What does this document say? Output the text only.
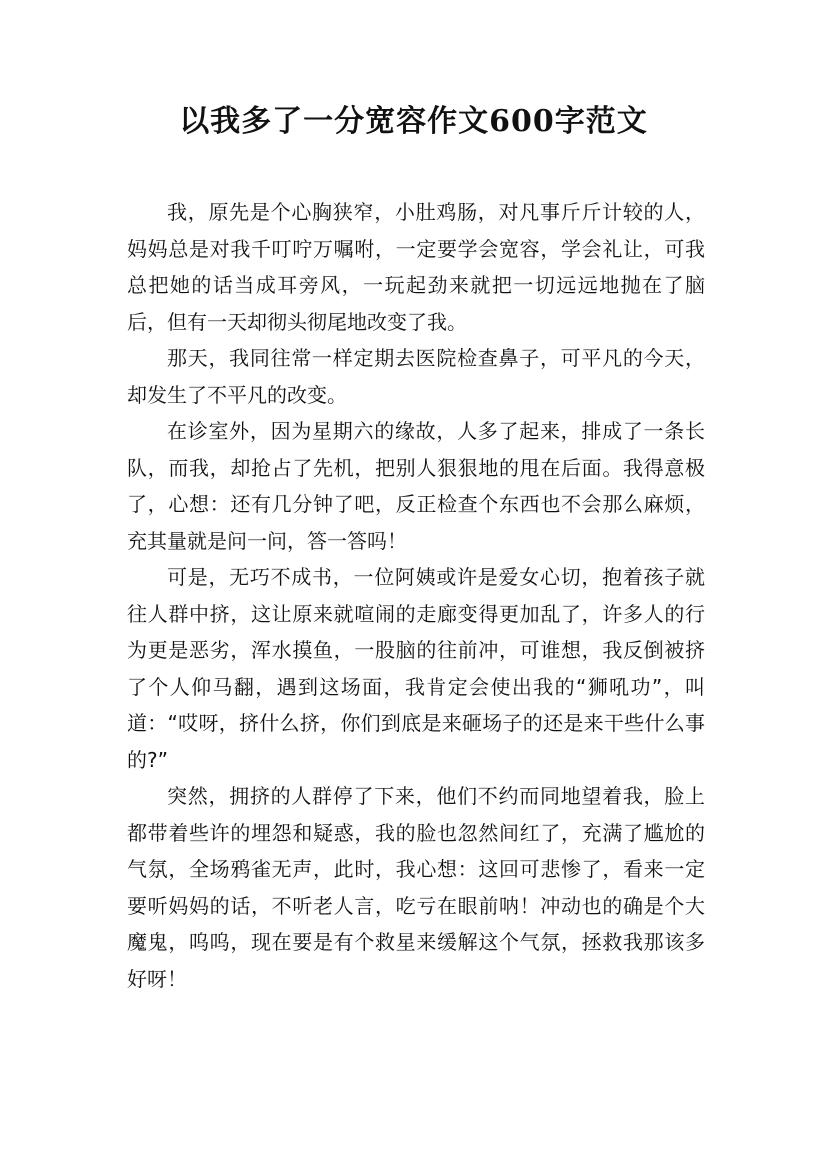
以我多了一分宽容作文600字范文

我，原先是个心胸狭窄，小肚鸡肠，对凡事斤斤计较的人，妈妈总是对我千叮咛万嘱咐，一定要学会宽容，学会礼让，可我总把她的话当成耳旁风，一玩起劲来就把一切远远地抛在了脑后，但有一天却彻头彻尾地改变了我。

那天，我同往常一样定期去医院检查鼻子，可平凡的今天，却发生了不平凡的改变。

在诊室外，因为星期六的缘故，人多了起来，排成了一条长队，而我，却抢占了先机，把别人狠狠地的甩在后面。我得意极了，心想：还有几分钟了吧，反正检查个东西也不会那么麻烦，充其量就是问一问，答一答吗！

可是，无巧不成书，一位阿姨或许是爱女心切，抱着孩子就往人群中挤，这让原来就喧闹的走廊变得更加乱了，许多人的行为更是恶劣，浑水摸鱼，一股脑的往前冲，可谁想，我反倒被挤了个人仰马翻，遇到这场面，我肯定会使出我的“狮吼功”，叫道：“哎呀，挤什么挤，你们到底是来砸场子的还是来干些什么事的?”

突然，拥挤的人群停了下来，他们不约而同地望着我，脸上都带着些许的埋怨和疑惑，我的脸也忽然间红了，充满了尴尬的气氛，全场鸦雀无声，此时，我心想：这回可悲惨了，看来一定要听妈妈的话，不听老人言，吃亏在眼前呐！冲动也的确是个大魔鬼，呜呜，现在要是有个救星来缓解这个气氛，拯救我那该多好呀！
